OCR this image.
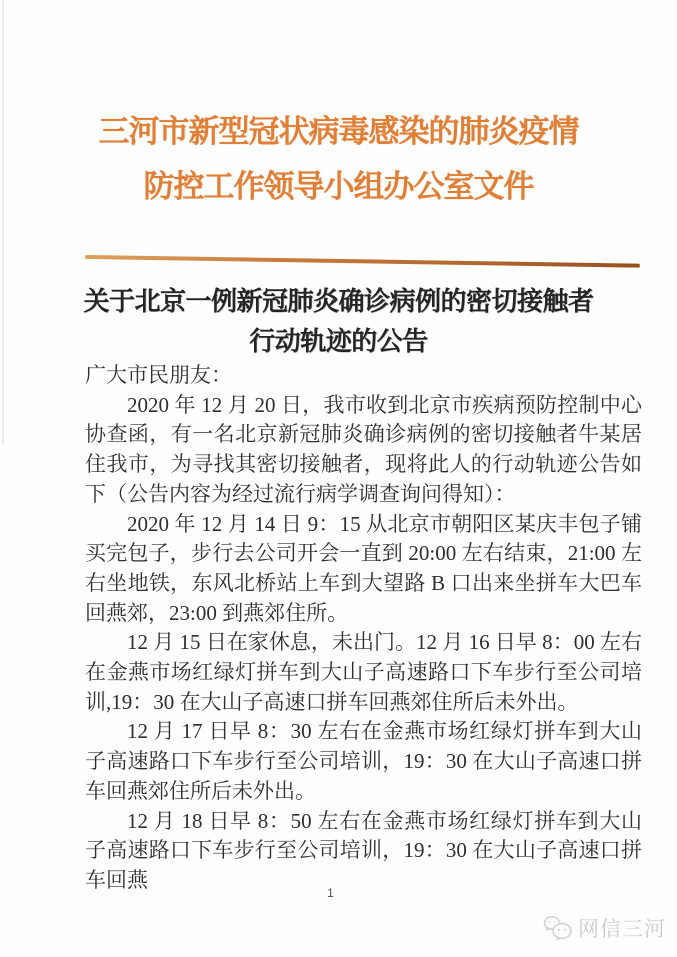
三河市新型冠状病毒感染的肺炎疫情
防控工作领导小组办公室文件
关于北京一例新冠肺炎确诊病例的密切接触者
行动轨迹的公告

广大市民朋友：

2020 年 12 月 20 日，我市收到北京市疾病预防控制中心协查函，有一名北京新冠肺炎确诊病例的密切接触者牛某居住我市，为寻找其密切接触者，现将此人的行动轨迹公告如下（公告内容为经过流行病学调查询问得知）：

2020 年 12 月 14 日 9：15 从北京市朝阳区某庆丰包子铺买完包子，步行去公司开会一直到 20:00 左右结束，21:00 左右坐地铁，东风北桥站上车到大望路 B 口出来坐拼车大巴车回燕郊，23:00 到燕郊住所。

12 月 15 日在家休息，未出门。12 月 16 日早 8：00 左右在金燕市场红绿灯拼车到大山子高速路口下车步行至公司培训,19：30 在大山子高速口拼车回燕郊住所后未外出。

12 月 17 日早 8：30 左右在金燕市场红绿灯拼车到大山子高速路口下车步行至公司培训，19：30 在大山子高速口拼车回燕郊住所后未外出。

12 月 18 日早 8：50 左右在金燕市场红绿灯拼车到大山子高速路口下车步行至公司培训，19：30 在大山子高速口拼车回燕

1
网信三河
